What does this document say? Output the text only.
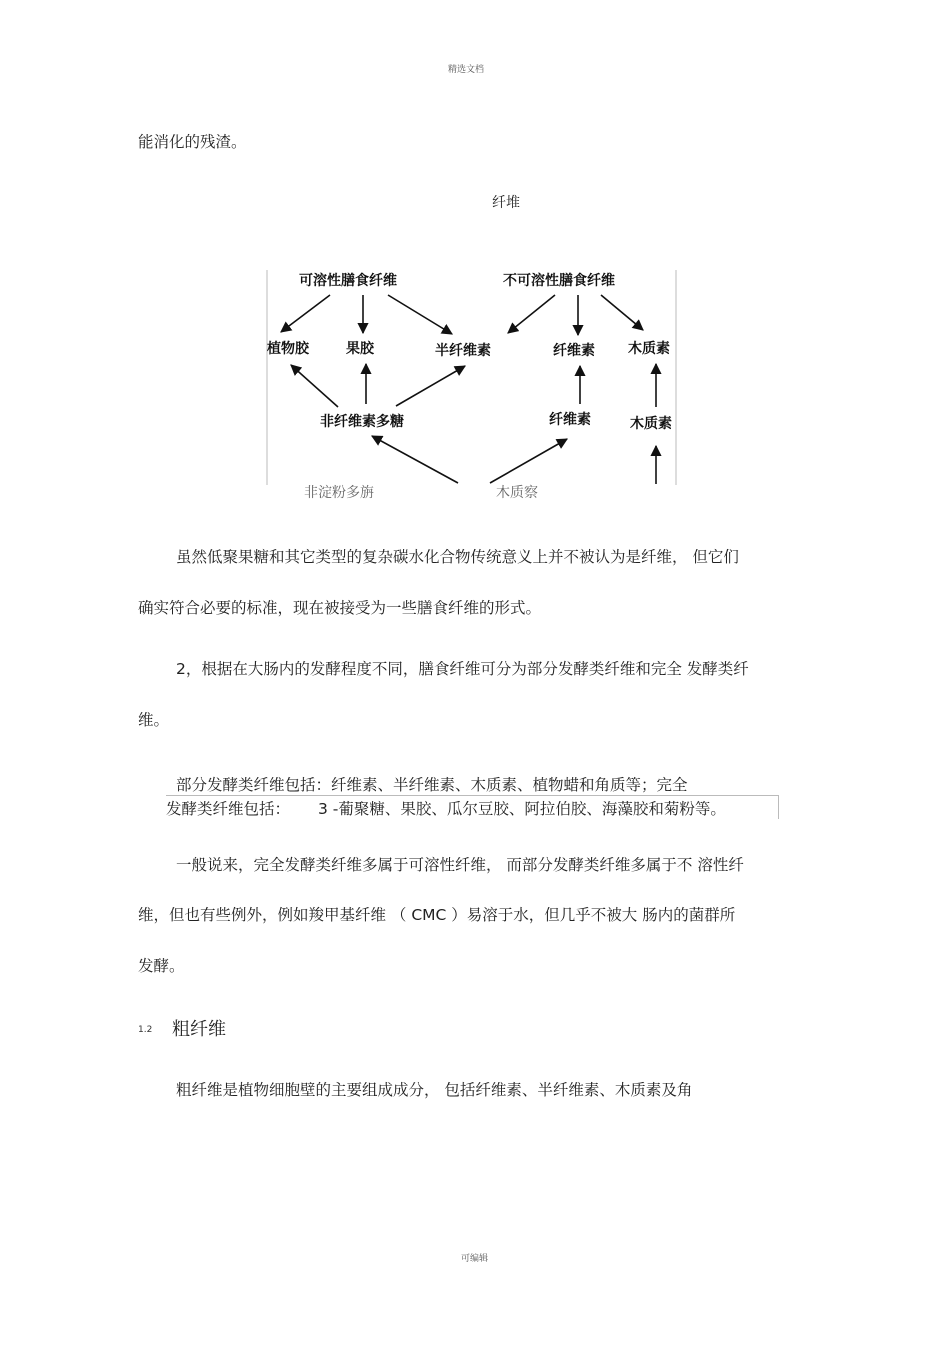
精选文档
能消化的残渣。
纤堆
可溶性膳食纤维	不可溶性膳食纤维
植物胶	果胶	半纤维素	纤维素 木质素
非纤维素多糖	纤维素	木质素
非淀粉多旃	木质察
虽然低聚果糖和其它类型的复杂碳水化合物传统意义上并不被认为是纤维， 但它们
确实符合必要的标准，现在被接受为一些膳食纤维的形式。
2，根据在大肠内的发酵程度不同，膳食纤维可分为部分发酵类纤维和完全 发酵类纤
维。
部分发酵类纤维包括：纤维素、半纤维素、木质素、植物蜡和角质等；完全
发酵类纤维包括： 3 -葡聚糖、果胶、瓜尔豆胶、阿拉伯胶、海藻胶和菊粉等。
一般说来，完全发酵类纤维多属于可溶性纤维， 而部分发酵类纤维多属于不 溶性纤
维，但也有些例外，例如羧甲基纤维 （ CMC ）易溶于水，但几乎不被大 肠内的菌群所
发酵。
1.2 粗纤维
粗纤维是植物细胞壁的主要组成成分， 包括纤维素、半纤维素、木质素及角
可编辑
